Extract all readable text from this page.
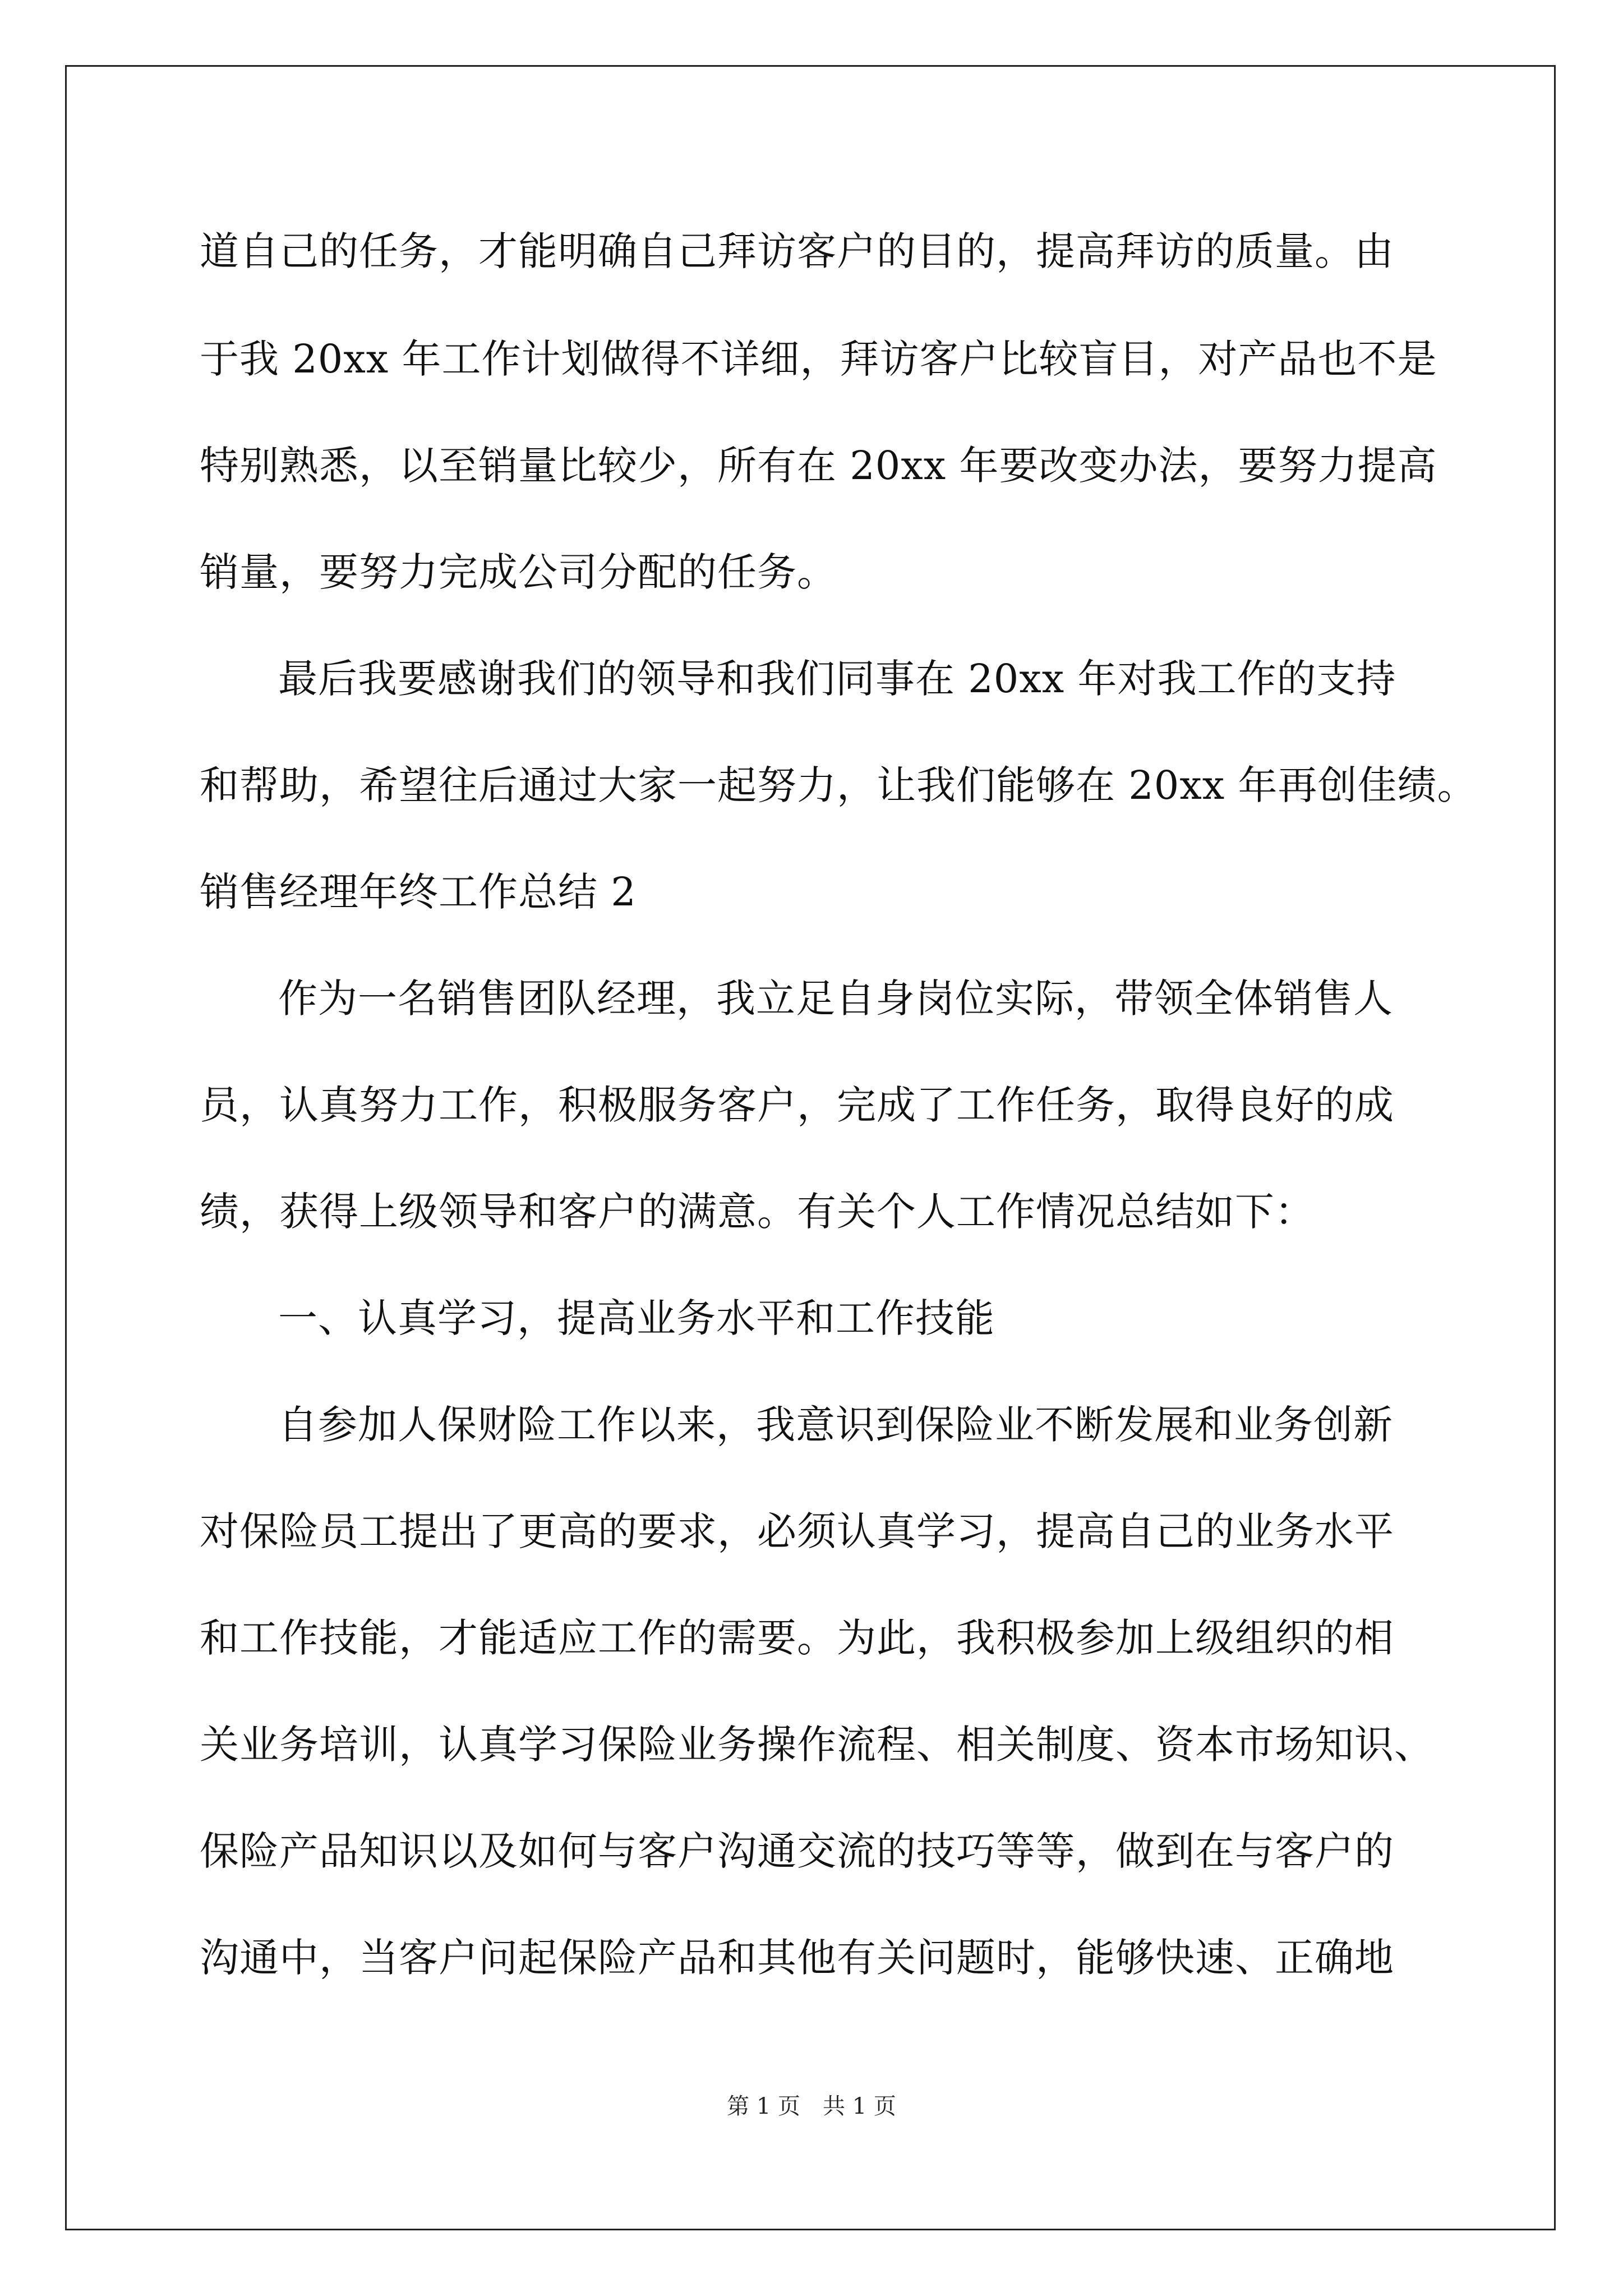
道自己的任务，才能明确自己拜访客户的目的，提高拜访的质量。由
于我 20xx 年工作计划做得不详细，拜访客户比较盲目，对产品也不是
特别熟悉，以至销量比较少，所有在 20xx 年要改变办法，要努力提高
销量，要努力完成公司分配的任务。
最后我要感谢我们的领导和我们同事在 20xx 年对我工作的支持
和帮助，希望往后通过大家一起努力，让我们能够在 20xx 年再创佳绩。
销售经理年终工作总结 2
作为一名销售团队经理，我立足自身岗位实际，带领全体销售人
员，认真努力工作，积极服务客户，完成了工作任务，取得良好的成
绩，获得上级领导和客户的满意。有关个人工作情况总结如下：
一、认真学习，提高业务水平和工作技能
自参加人保财险工作以来，我意识到保险业不断发展和业务创新
对保险员工提出了更高的要求，必须认真学习，提高自己的业务水平
和工作技能，才能适应工作的需要。为此，我积极参加上级组织的相
关业务培训，认真学习保险业务操作流程、相关制度、资本市场知识、
保险产品知识以及如何与客户沟通交流的技巧等等，做到在与客户的
沟通中，当客户问起保险产品和其他有关问题时，能够快速、正确地
第 1 页　共 1 页
